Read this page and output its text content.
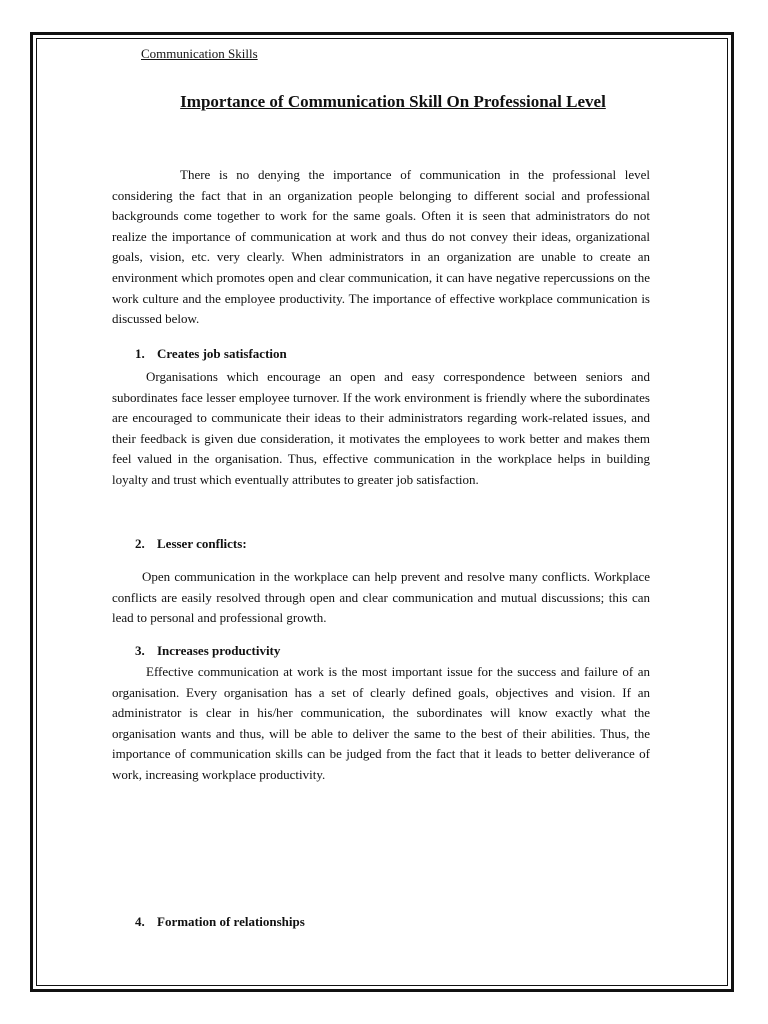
Communication Skills

Importance of Communication Skill On Professional Level

There is no denying the importance of communication in the professional level considering the fact that in an organization people belonging to different social and professional backgrounds come together to work for the same goals. Often it is seen that administrators do not realize the importance of communication at work and thus do not convey their ideas, organizational goals, vision, etc. very clearly. When administrators in an organization are unable to create an environment which promotes open and clear communication, it can have negative repercussions on the work culture and the employee productivity. The importance of effective workplace communication is discussed below.

1. Creates job satisfaction

Organisations which encourage an open and easy correspondence between seniors and subordinates face lesser employee turnover. If the work environment is friendly where the subordinates are encouraged to communicate their ideas to their administrators regarding work-related issues, and their feedback is given due consideration, it motivates the employees to work better and makes them feel valued in the organisation. Thus, effective communication in the workplace helps in building loyalty and trust which eventually attributes to greater job satisfaction.

2. Lesser conflicts:

Open communication in the workplace can help prevent and resolve many conflicts. Workplace conflicts are easily resolved through open and clear communication and mutual discussions; this can lead to personal and professional growth.

3. Increases productivity

Effective communication at work is the most important issue for the success and failure of an organisation. Every organisation has a set of clearly defined goals, objectives and vision. If an administrator is clear in his/her communication, the subordinates will know exactly what the organisation wants and thus, will be able to deliver the same to the best of their abilities. Thus, the importance of communication skills can be judged from the fact that it leads to better deliverance of work, increasing workplace productivity.

4. Formation of relationships
